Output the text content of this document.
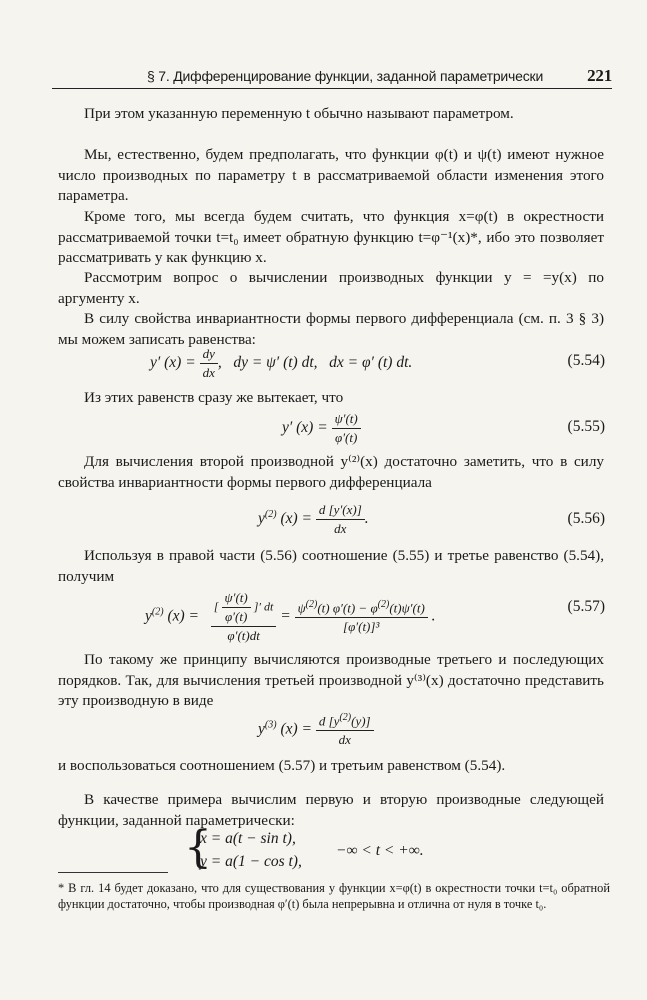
§ 7. Дифференцирование функции, заданной параметрически	221
При этом указанную переменную t обычно называют параметром.
Мы, естественно, будем предполагать, что функции φ(t) и ψ(t) имеют нужное число производных по параметру t в рассматриваемой области изменения этого параметра.
Кроме того, мы всегда будем считать, что функция x=φ(t) в окрестности рассматриваемой точки t=t₀ имеет обратную функцию t=φ⁻¹(x)*, ибо это позволяет рассматривать y как функцию x.
Рассмотрим вопрос о вычислении производных функции y = =y(x) по аргументу x.
В силу свойства инвариантности формы первого дифференциала (см. п. 3 § 3) мы можем записать равенства:
y′ $(x) = \frac{dy}{dx}$ ,   dy = ψ′ (t) dt,   dx = φ′ (t) dt.	(5.54)
Из этих равенств сразу же вытекает, что
y′ $(x) = \frac{\psi'(t)}{\varphi'(t)}$	(5.55)
Для вычисления второй производной y⁽²⁾(x) достаточно заметить, что в силу свойства инвариантности формы первого дифференциала
$y^{(2)}$ $(x) = \frac{d [y'(x)]}{dx}$ .	(5.56)
Используя в правой части (5.56) соотношение (5.55) и третье равенство (5.54), получим
$y^{(2)}$ $(x) = \frac{[ \frac{\psi'(t)}{\varphi'(t)} ]' dt}{\varphi'(t)dt} = \frac{\psi^{(2)}(t) \varphi'(t) - \varphi^{(2)}(t)\psi'(t)}{\text{[φ′(t)]³}}$ .
(5.57)
По такому же принципу вычисляются производные третьего и последующих порядков. Так, для вычисления третьей производной y⁽³⁾(x) достаточно представить эту производную в виде
$y^{(3)}$ $(x) = \frac{d [y^{(2)}(y)]}{dx}$
и воспользоваться соотношением (5.57) и третьим равенством (5.54).
В качестве примера вычислим первую и вторую производные следующей функции, заданной параметрически:
{
x = a(t − sin t),
y = a(1 − cos t),
−∞ < t < +∞.
* В гл. 14 будет доказано, что для существования у функции x=φ(t) в окрестности точки t=t₀ обратной функции достаточно, чтобы производная φ′(t) была непрерывна и отлична от нуля в точке t₀.
